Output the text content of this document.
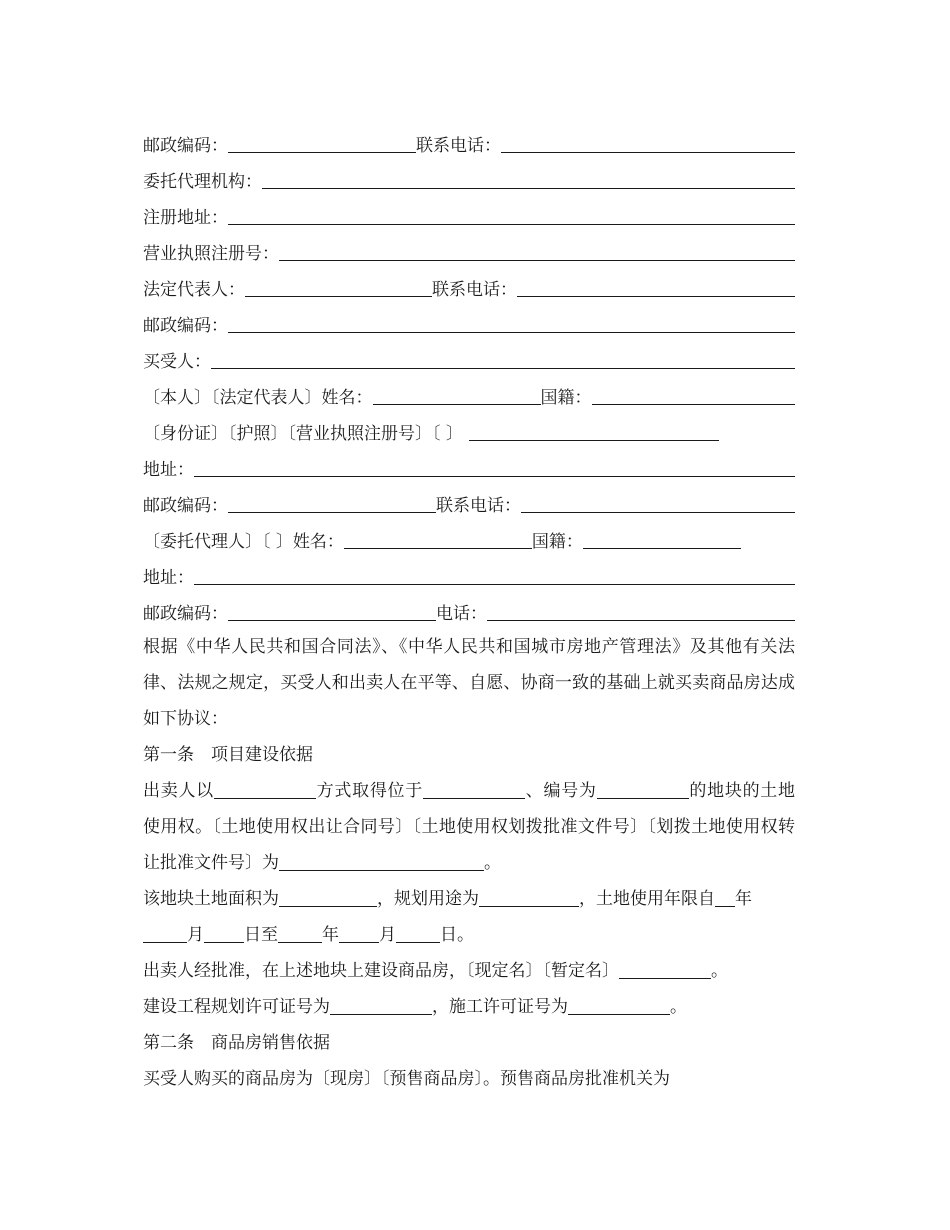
邮政编码：	联系电话：
委托代理机构：
注册地址：
营业执照注册号：
法定代表人：	联系电话：
邮政编码：
买受人：
〔本人〕〔法定代表人〕姓名：	国籍：
〔身份证〕〔护照〕〔营业执照注册号〕〔 〕
地址：
邮政编码：	联系电话：
〔委托代理人〕〔 〕姓名：	国籍：
地址：
邮政编码：	电话：

根据《中华人民共和国合同法》、《中华人民共和国城市房地产管理法》及其他有关法律、法规之规定，买受人和出卖人在平等、自愿、协商一致的基础上就买卖商品房达成如下协议：

第一条　项目建设依据

出卖人以	方式取得位于	、编号为	的地块的土地使用权。〔土地使用权出让合同号〕〔土地使用权划拨批准文件号〕〔划拨土地使用权转让批准文件号〕为	。

该地块土地面积为	，规划用途为	，土地使用年限自 年
月 日至	年 月	日。

出卖人经批准，在上述地块上建设商品房，〔现定名〕〔暂定名〕	。

建设工程规划许可证号为	，施工许可证号为	。

第二条　商品房销售依据

买受人购买的商品房为〔现房〕〔预售商品房〕。预售商品房批准机关为
